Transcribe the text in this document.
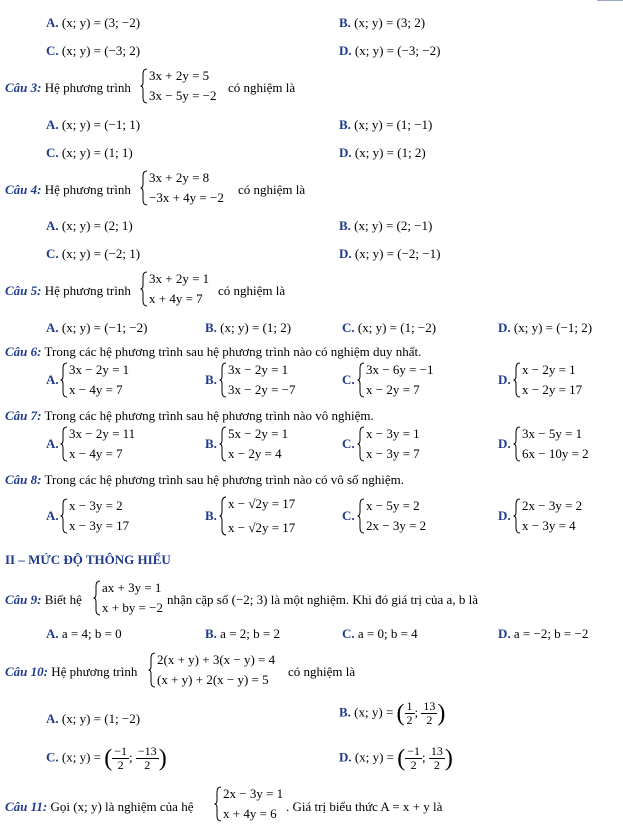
A. (x; y) = (3; −2)	B. (x; y) = (3; 2)
C. (x; y) = (−3; 2)	D. (x; y) = (−3; −2)
Câu 3: Hệ phương trình
3x + 2y = 5
3x − 5y = −2
có nghiệm là
A. (x; y) = (−1; 1)	B. (x; y) = (1; −1)
C. (x; y) = (1; 1)	D. (x; y) = (1; 2)
Câu 4: Hệ phương trình
3x + 2y = 8
−3x + 4y = −2
có nghiệm là
A. (x; y) = (2; 1)	B. (x; y) = (2; −1)
C. (x; y) = (−2; 1)	D. (x; y) = (−2; −1)
Câu 5: Hệ phương trình
3x + 2y = 1
x + 4y = 7
có nghiệm là
A. (x; y) = (−1; −2)	B. (x; y) = (1; 2)	C. (x; y) = (1; −2)	D. (x; y) = (−1; 2)
Câu 6: Trong các hệ phương trình sau hệ phương trình nào có nghiệm duy nhất.
A.
3x − 2y = 1
x − 4y = 7
B.
3x − 2y = 1
3x − 2y = −7
C.
3x − 6y = −1
x − 2y = 7
D.
x − 2y = 1
x − 2y = 17
Câu 7: Trong các hệ phương trình sau hệ phương trình nào vô nghiệm.
A.
3x − 2y = 11
x − 4y = 7
B.
5x − 2y = 1
x − 2y = 4
C.
x − 3y = 1
x − 3y = 7
D.
3x − 5y = 1
6x − 10y = 2
Câu 8: Trong các hệ phương trình sau hệ phương trình nào có vô số nghiệm.
A.
x − 3y = 2
x − 3y = 17
B.
x − √2y = 17
x − √2y = 17
C.
x − 5y = 2
2x − 3y = 2
D.
2x − 3y = 2
x − 3y = 4
II – MỨC ĐỘ THÔNG HIỂU
Câu 9: Biết hệ
ax + 3y = 1
x + by = −2
nhận cặp số (−2; 3) là một nghiệm. Khi đó giá trị của a, b là
A. a = 4; b = 0	B. a = 2; b = 2	C. a = 0; b = 4	D. a = −2; b = −2
Câu 10: Hệ phương trình
2(x + y) + 3(x − y) = 4
(x + y) + 2(x − y) = 5
có nghiệm là
A. (x; y) = (1; −2)	B. (x; y) = ( $\frac{1}{2}$ ; $\frac{13}{2}$ )
C. (x; y) = ( $\frac{-1}{2}$ ; $\frac{-13}{2}$ )	D. (x; y) = ( $\frac{-1}{2}$ ; $\frac{13}{2}$ )
Câu 11: Gọi (x; y) là nghiệm của hệ
2x − 3y = 1
x + 4y = 6 . Giá trị biểu thức A = x + y là
